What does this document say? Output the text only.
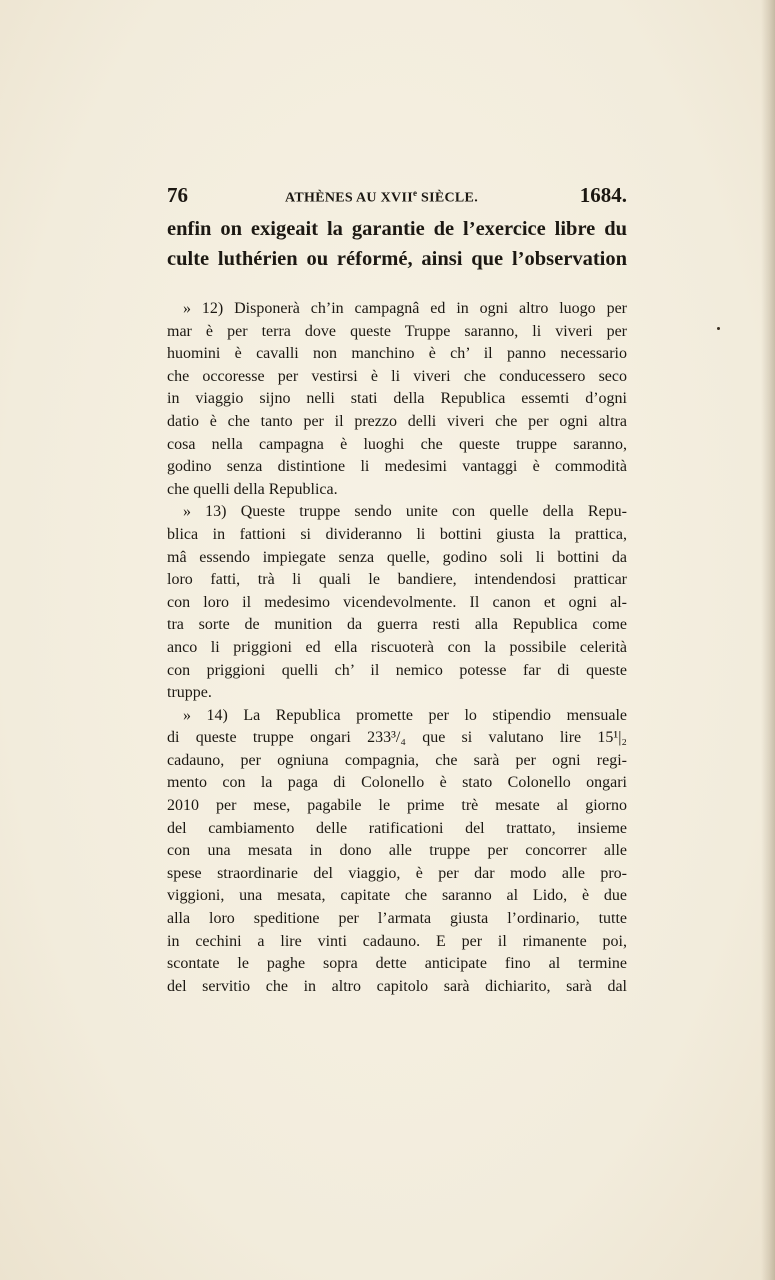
76	ATHÈNES AU XVIIe SIÈCLE.	1684.
enfin on exigeait la garantie de l’exercice libre du
culte luthérien ou réformé, ainsi que l’observation
» 12) Disponerà ch’in campagnâ ed in ogni altro luogo per
mar è per terra dove queste Truppe saranno, li viveri per
huomini è cavalli non manchino è ch’ il panno necessario
che occoresse per vestirsi è li viveri che conducessero seco
in viaggio sijno nelli stati della Republica essemti d’ogni
datio è che tanto per il prezzo delli viveri che per ogni altra
cosa nella campagna è luoghi che queste truppe saranno,
godino senza distintione li medesimi vantaggi è commodità
che quelli della Republica.
» 13) Queste truppe sendo unite con quelle della Repu-
blica in fattioni si divideranno li bottini giusta la prattica,
mâ essendo impiegate senza quelle, godino soli li bottini da
loro fatti, trà li quali le bandiere, intendendosi pratticar
con loro il medesimo vicendevolmente. Il canon et ogni al-
tra sorte de munition da guerra resti alla Republica come
anco li priggioni ed ella riscuoterà con la possibile celerità
con priggioni quelli ch’ il nemico potesse far di queste
truppe.
» 14) La Republica promette per lo stipendio mensuale
di queste truppe ongari 233³/₄ que si valutano lire 15¹|₂
cadauno, per ogniuna compagnia, che sarà per ogni regi-
mento con la paga di Colonello è stato Colonello ongari
2010 per mese, pagabile le prime trè mesate al giorno
del cambiamento delle ratificationi del trattato, insieme
con una mesata in dono alle truppe per concorrer alle
spese straordinarie del viaggio, è per dar modo alle pro-
viggioni, una mesata, capitate che saranno al Lido, è due
alla loro speditione per l’armata giusta l’ordinario, tutte
in cechini a lire vinti cadauno. E per il rimanente poi,
scontate le paghe sopra dette anticipate fino al termine
del servitio che in altro capitolo sarà dichiarito, sarà dal
